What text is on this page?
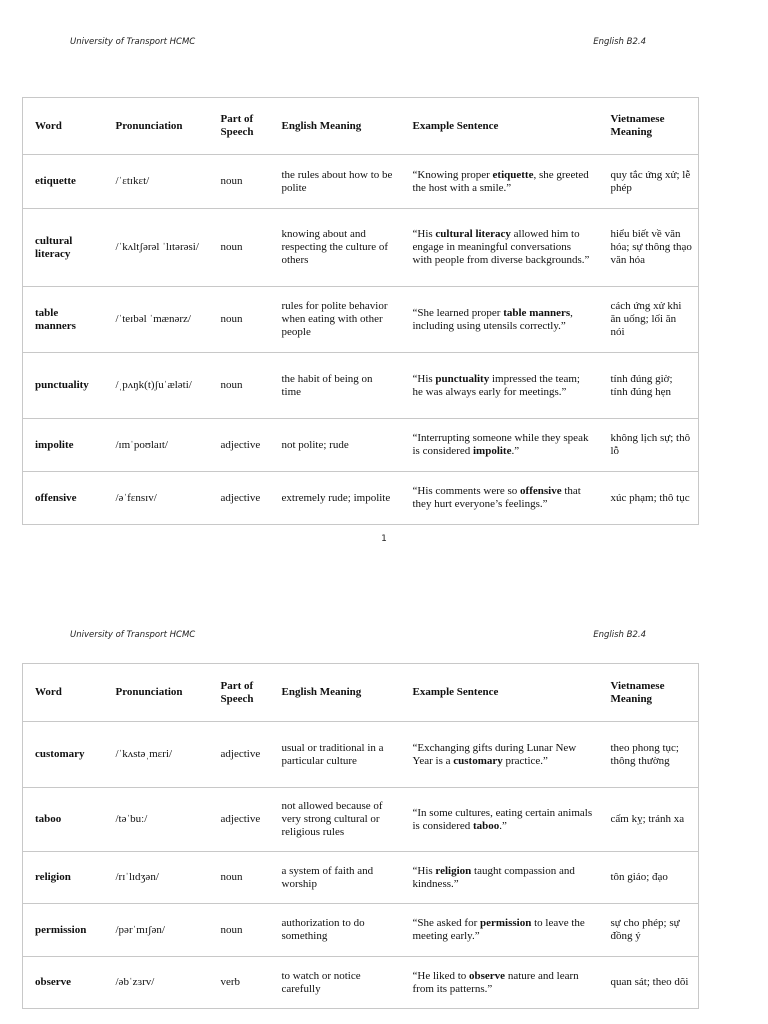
University of Transport HCMC	English B2.4
Word	Pronunciation	Part of Speech	English Meaning	Example Sentence	Vietnamese Meaning
etiquette	/ˈɛtɪkɛt/	noun	the rules about how to be polite	“Knowing proper etiquette, she greeted the host with a smile.”	quy tắc ứng xử; lễ phép
cultural literacy	/ˈkʌltʃərəl ˈlɪtərəsi/	noun	knowing about and respecting the culture of others	“His cultural literacy allowed him to engage in meaningful conversations with people from diverse backgrounds.”	hiểu biết về văn hóa; sự thông thạo văn hóa
table manners	/ˈteɪbəl ˈmænərz/	noun	rules for polite behavior when eating with other people	“She learned proper table manners, including using utensils correctly.”	cách ứng xử khi ăn uống; lối ăn nói
punctuality	/ˌpʌŋk(t)ʃuˈæləti/	noun	the habit of being on time	“His punctuality impressed the team; he was always early for meetings.”	tính đúng giờ; tính đúng hẹn
impolite	/ɪmˈpoʊlaɪt/	adjective	not polite; rude	“Interrupting someone while they speak is considered impolite.”	không lịch sự; thô lỗ
offensive	/əˈfɛnsɪv/	adjective	extremely rude; impolite	“His comments were so offensive that they hurt everyone’s feelings.”	xúc phạm; thô tục
1
University of Transport HCMC	English B2.4
Word	Pronunciation	Part of Speech	English Meaning	Example Sentence	Vietnamese Meaning
customary	/ˈkʌstəˌmɛri/	adjective	usual or traditional in a particular culture	“Exchanging gifts during Lunar New Year is a customary practice.”	theo phong tục; thông thường
taboo	/təˈbuː/	adjective	not allowed because of very strong cultural or religious rules	“In some cultures, eating certain animals is considered taboo.”	cấm kỵ; tránh xa
religion	/rɪˈlɪdʒən/	noun	a system of faith and worship	“His religion taught compassion and kindness.”	tôn giáo; đạo
permission	/pərˈmɪʃən/	noun	authorization to do something	“She asked for permission to leave the meeting early.”	sự cho phép; sự đồng ý
observe	/əbˈzɜrv/	verb	to watch or notice carefully	“He liked to observe nature and learn from its patterns.”	quan sát; theo dõi
